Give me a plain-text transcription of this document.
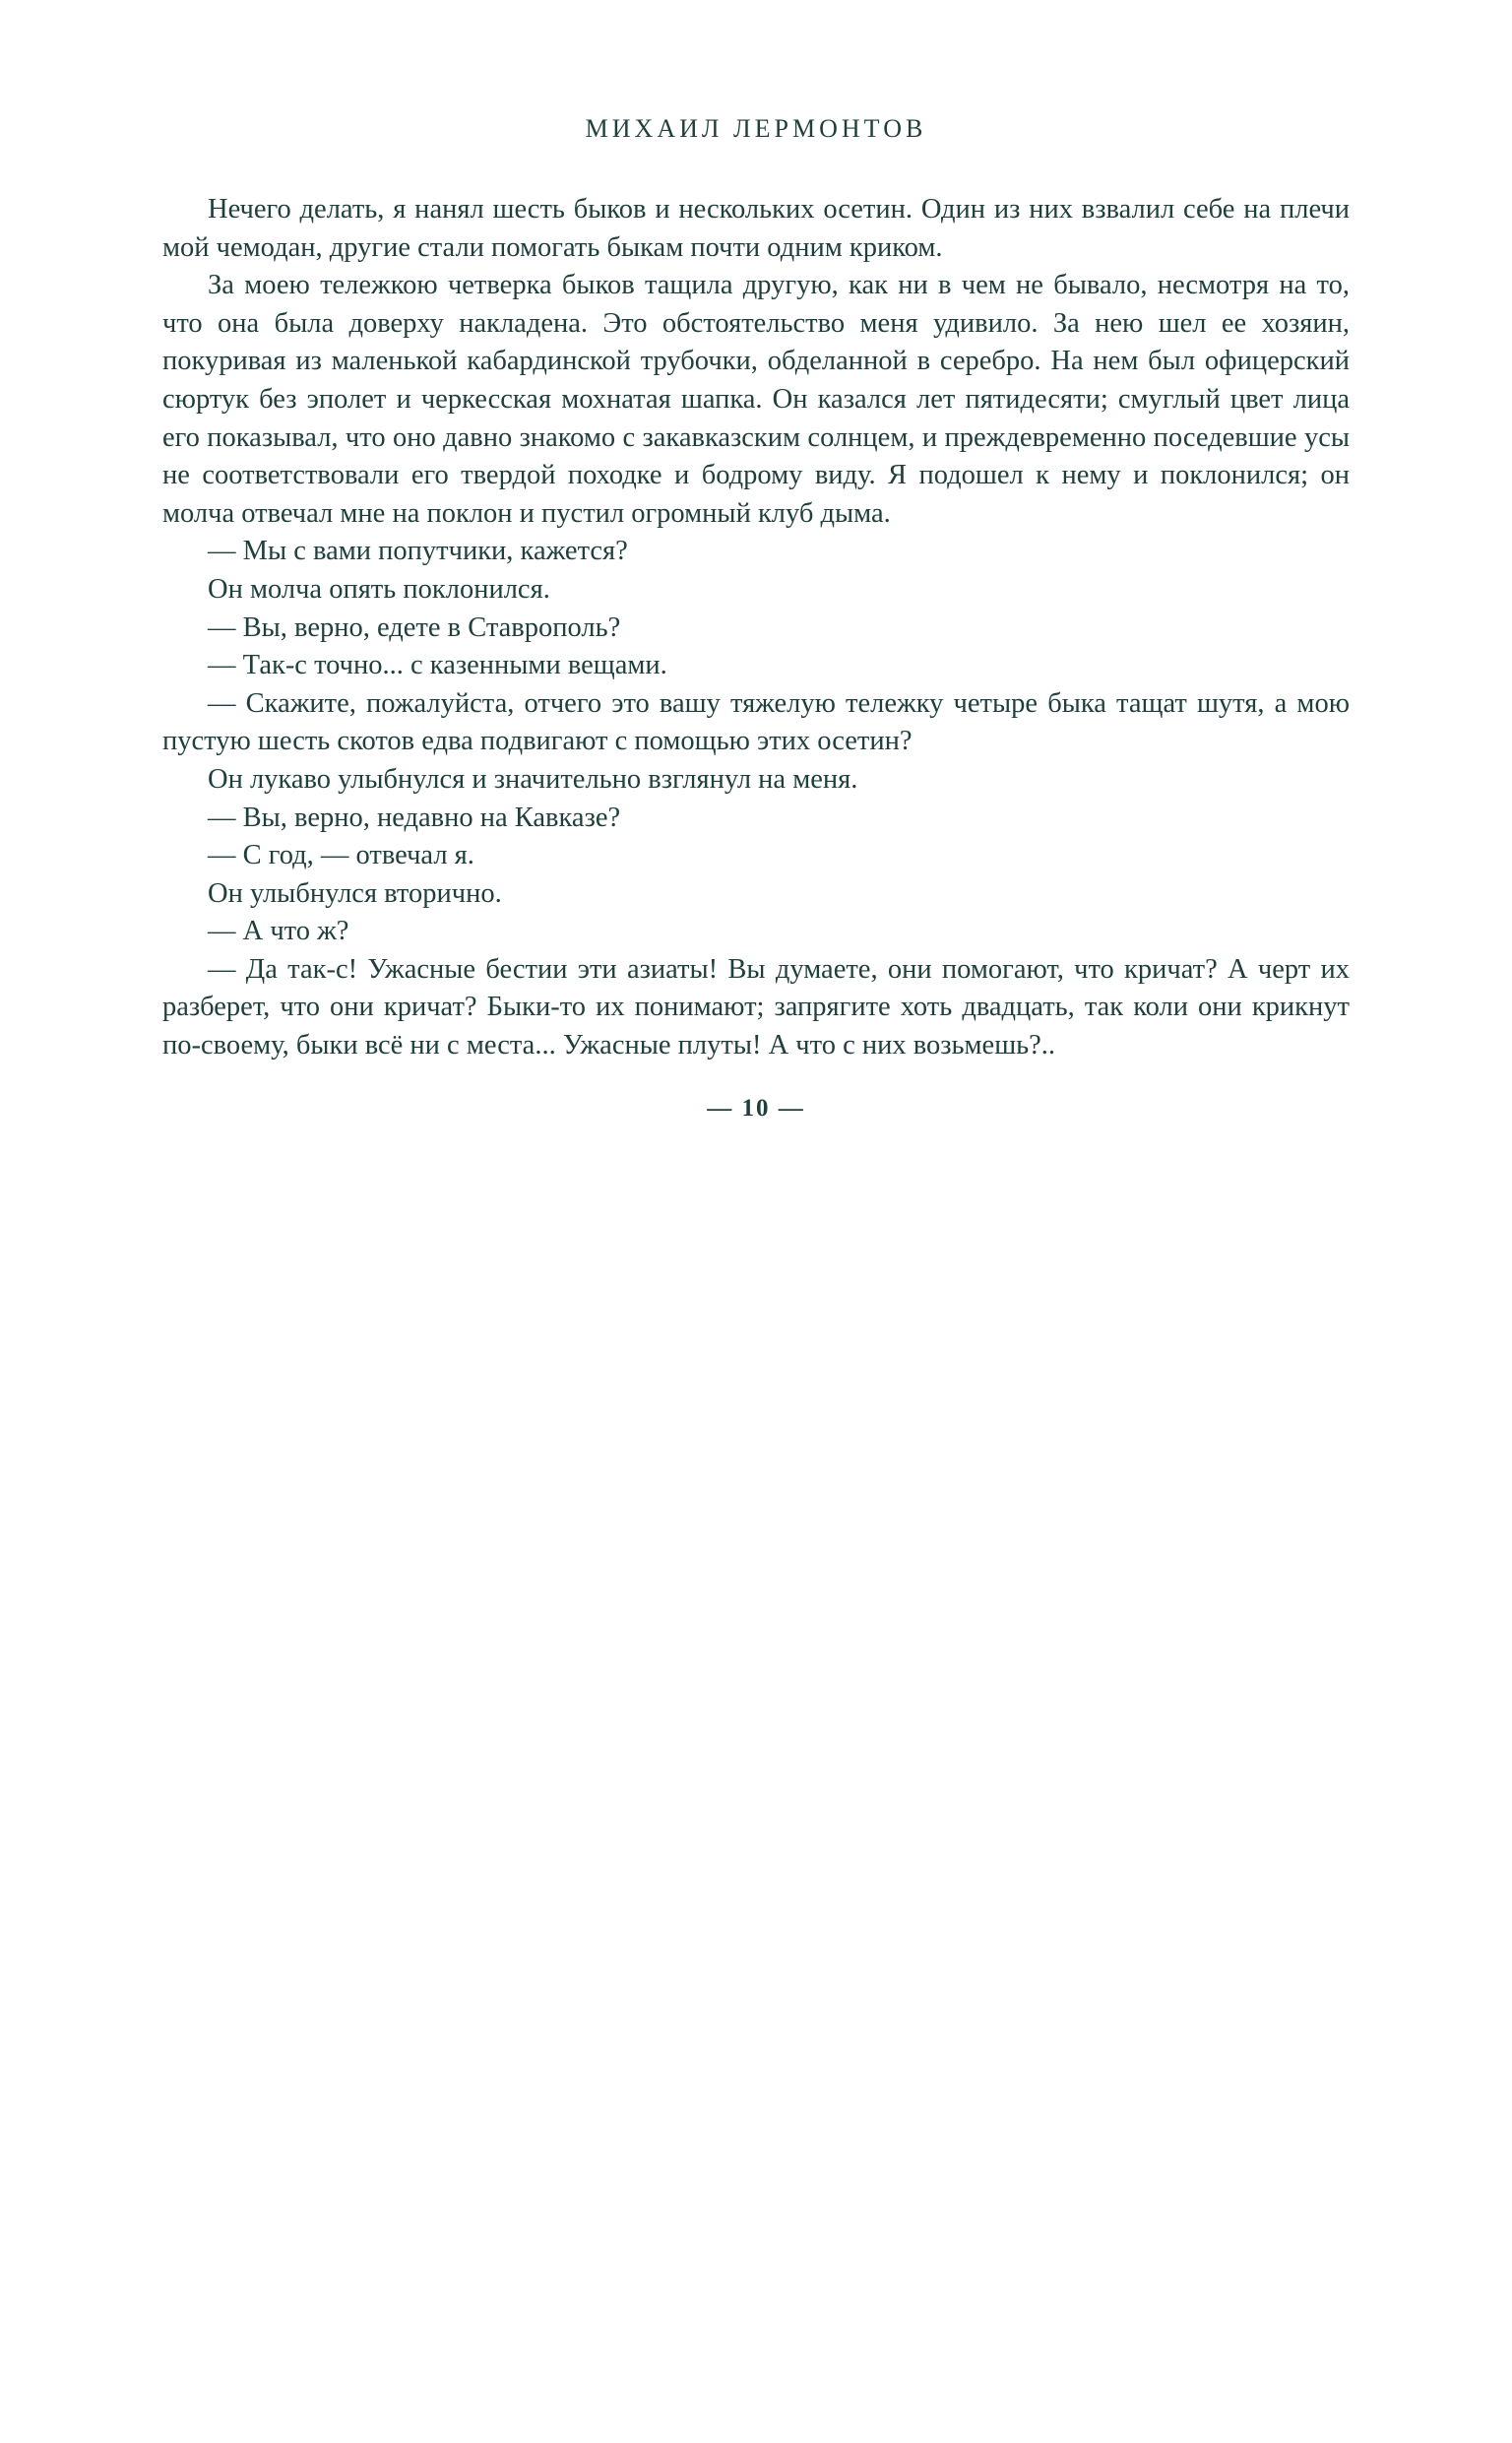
МИХАИЛ ЛЕРМОНТОВ

Нечего делать, я нанял шесть быков и нескольких осетин. Один из них взвалил себе на плечи мой чемодан, другие стали помогать быкам почти одним криком.

За моею тележкою четверка быков тащила другую, как ни в чем не бывало, несмотря на то, что она была доверху накладена. Это обстоятельство меня удивило. За нею шел ее хозяин, покуривая из маленькой кабардинской трубочки, обделанной в серебро. На нем был офицерский сюртук без эполет и черкесская мохнатая шапка. Он казался лет пятидесяти; смуглый цвет лица его показывал, что оно давно знакомо с закавказским солнцем, и преждевременно поседевшие усы не соответствовали его твердой походке и бодрому виду. Я подошел к нему и поклонился; он молча отвечал мне на поклон и пустил огромный клуб дыма.

— Мы с вами попутчики, кажется?

Он молча опять поклонился.

— Вы, верно, едете в Ставрополь?

— Так-с точно... с казенными вещами.

— Скажите, пожалуйста, отчего это вашу тяжелую тележку четыре быка тащат шутя, а мою пустую шесть скотов едва подвигают с помощью этих осетин?

Он лукаво улыбнулся и значительно взглянул на меня.

— Вы, верно, недавно на Кавказе?

— С год, — отвечал я.

Он улыбнулся вторично.

— А что ж?

— Да так-с! Ужасные бестии эти азиаты! Вы думаете, они помогают, что кричат? А черт их разберет, что они кричат? Быки-то их понимают; запрягите хоть двадцать, так коли они крикнут по-своему, быки всё ни с места... Ужасные плуты! А что с них возьмешь?..

— 10 —
